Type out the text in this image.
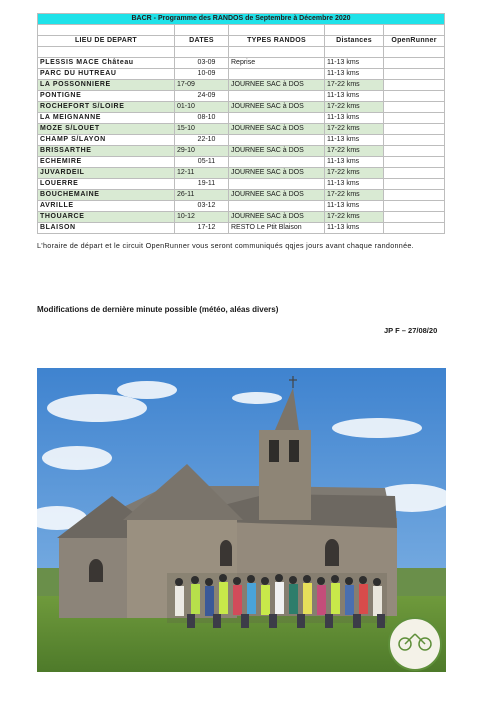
BACR - Programme des RANDOS de Septembre à Décembre 2020				

LIEU DE DEPART	DATES	TYPES RANDOS	Distances	OpenRunner

PLESSIS MACE Château	03-09	Reprise	11-13 kms	
PARC DU HUTREAU	10-09		11-13 kms	
LA POSSONNIERE	17-09	JOURNEE SAC à DOS	17-22 kms	
PONTIGNE	24-09		11-13 kms	
ROCHEFORT S/LOIRE	01-10	JOURNEE SAC à DOS	17-22 kms	
LA MEIGNANNE	08-10		11-13 kms	
MOZE S/LOUET	15-10	JOURNEE SAC à DOS	17-22 kms	
CHAMP S/LAYON	22-10		11-13 kms	
BRISSARTHE	29-10	JOURNEE SAC à DOS	17-22 kms	
ECHEMIRE	05-11		11-13 kms	
JUVARDEIL	12-11	JOURNEE SAC à DOS	17-22 kms	
LOUERRE	19-11		11-13 kms	
BOUCHEMAINE	26-11	JOURNEE SAC à DOS	17-22 kms	
AVRILLE	03-12		11-13 kms	
THOUARCE	10-12	JOURNEE SAC à DOS	17-22 kms	
BLAISON	17-12	RESTO Le Ptit Blaison	11-13 kms	

L'horaire de départ et le circuit OpenRunner vous seront communiqués qqjes jours avant chaque randonnée.

Modifications de dernière minute possible (météo, aléas divers)
JP F – 27/08/20
